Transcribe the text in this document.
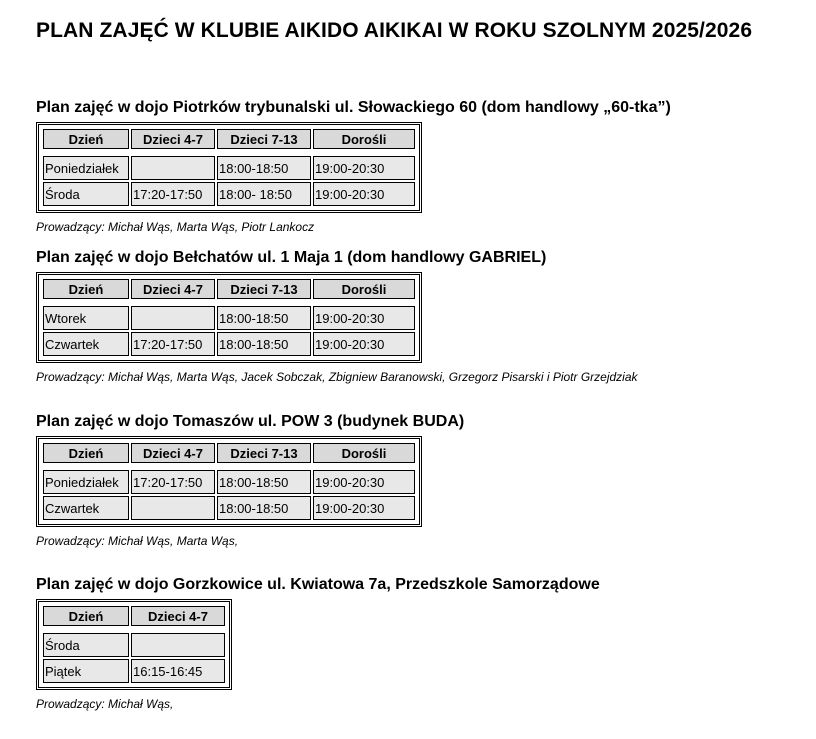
PLAN ZAJĘĆ W KLUBIE AIKIDO AIKIKAI W ROKU SZOLNYM 2025/2026
Plan zajęć w dojo Piotrków trybunalski ul. Słowackiego 60 (dom handlowy „60-tka”)
Dzień	Dzieci 4-7	Dzieci 7-13	Dorośli

Poniedziałek		18:00-18:50	19:00-20:30
Środa	17:20-17:50	18:00- 18:50	19:00-20:30
Prowadzący: Michał Wąs, Marta Wąs, Piotr Lankocz
Plan zajęć w dojo Bełchatów ul. 1 Maja 1 (dom handlowy GABRIEL)
Dzień	Dzieci 4-7	Dzieci 7-13	Dorośli

Wtorek		18:00-18:50	19:00-20:30
Czwartek	17:20-17:50	18:00-18:50	19:00-20:30
Prowadzący: Michał Wąs, Marta Wąs, Jacek Sobczak, Zbigniew Baranowski, Grzegorz Pisarski i Piotr Grzejdziak
Plan zajęć w dojo Tomaszów ul. POW 3 (budynek BUDA)
Dzień	Dzieci 4-7	Dzieci 7-13	Dorośli

Poniedziałek	17:20-17:50	18:00-18:50	19:00-20:30
Czwartek		18:00-18:50	19:00-20:30
Prowadzący: Michał Wąs, Marta Wąs,
Plan zajęć w dojo Gorzkowice ul. Kwiatowa 7a, Przedszkole Samorządowe
Dzień	Dzieci 4-7

Środa	
Piątek	16:15-16:45
Prowadzący: Michał Wąs,
